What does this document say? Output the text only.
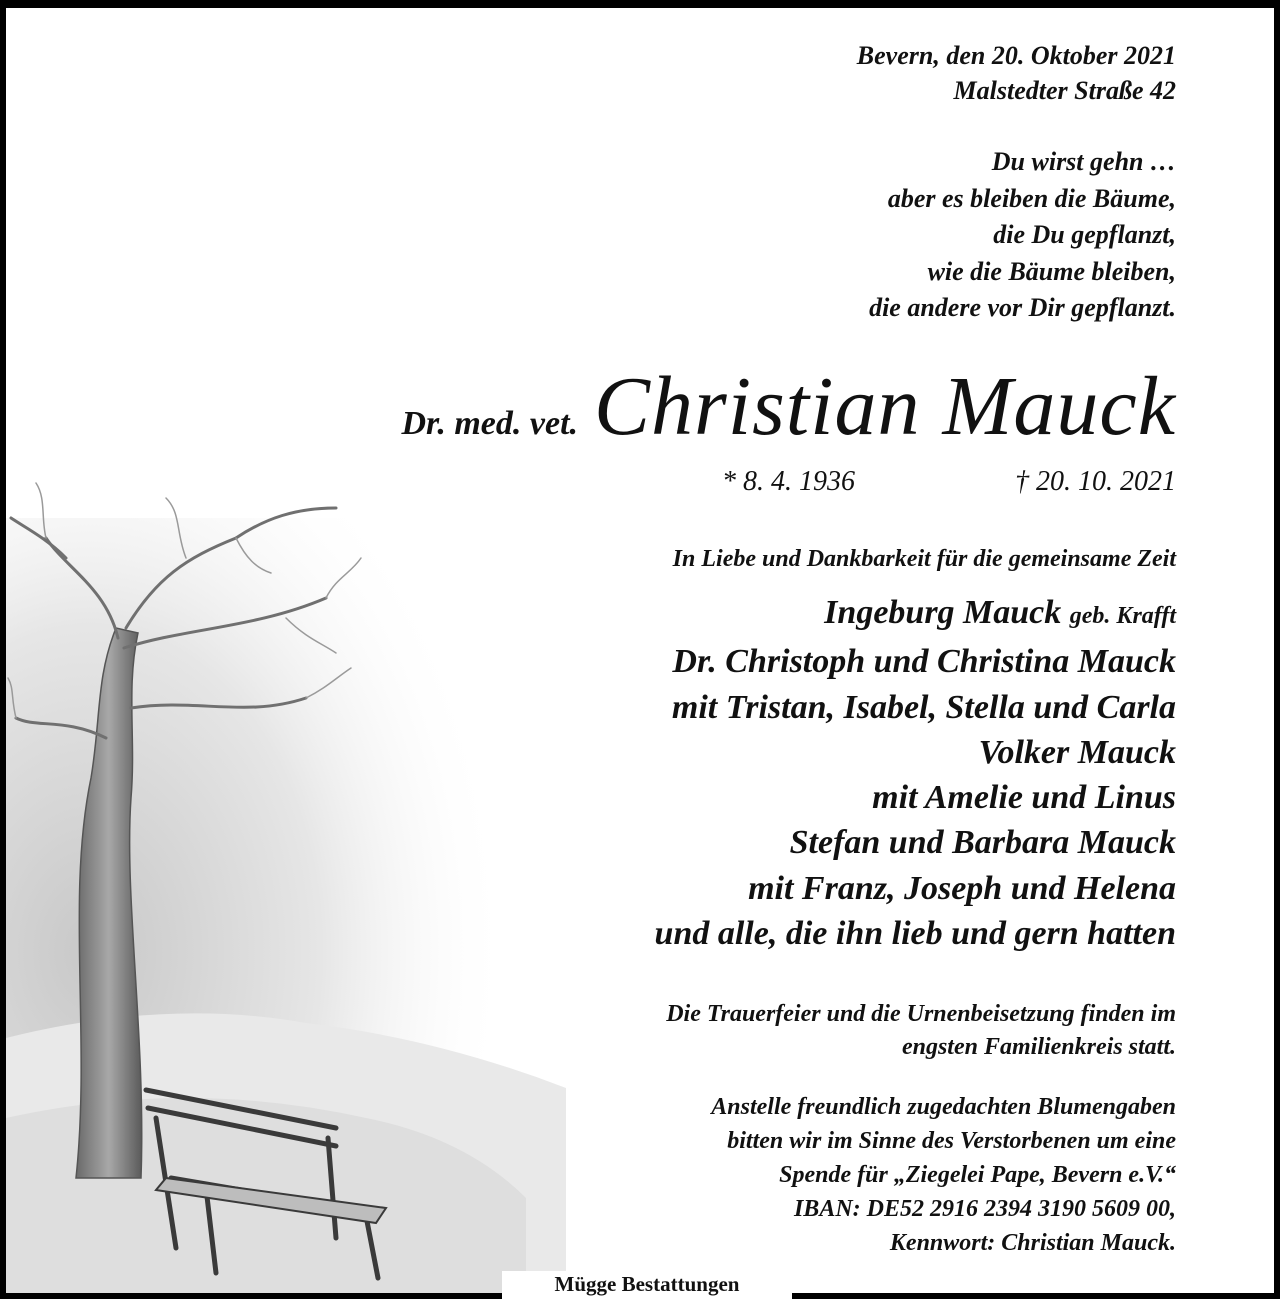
Bevern, den 20. Oktober 2021
Malstedter Straße 42
Du wirst gehn …
aber es bleiben die Bäume,
die Du gepflanzt,
wie die Bäume bleiben,
die andere vor Dir gepflanzt.
Dr. med. vet. Christian Mauck
* 8. 4. 1936	† 20. 10. 2021
In Liebe und Dankbarkeit für die gemeinsame Zeit
Ingeburg Mauck geb. Krafft
Dr. Christoph und Christina Mauck
mit Tristan, Isabel, Stella und Carla
Volker Mauck
mit Amelie und Linus
Stefan und Barbara Mauck
mit Franz, Joseph und Helena
und alle, die ihn lieb und gern hatten
Die Trauerfeier und die Urnenbeisetzung finden im
engsten Familienkreis statt.
Anstelle freundlich zugedachten Blumengaben
bitten wir im Sinne des Verstorbenen um eine
Spende für „Ziegelei Pape, Bevern e.V.“
IBAN: DE52 2916 2394 3190 5609 00,
Kennwort: Christian Mauck.
Mügge Bestattungen
